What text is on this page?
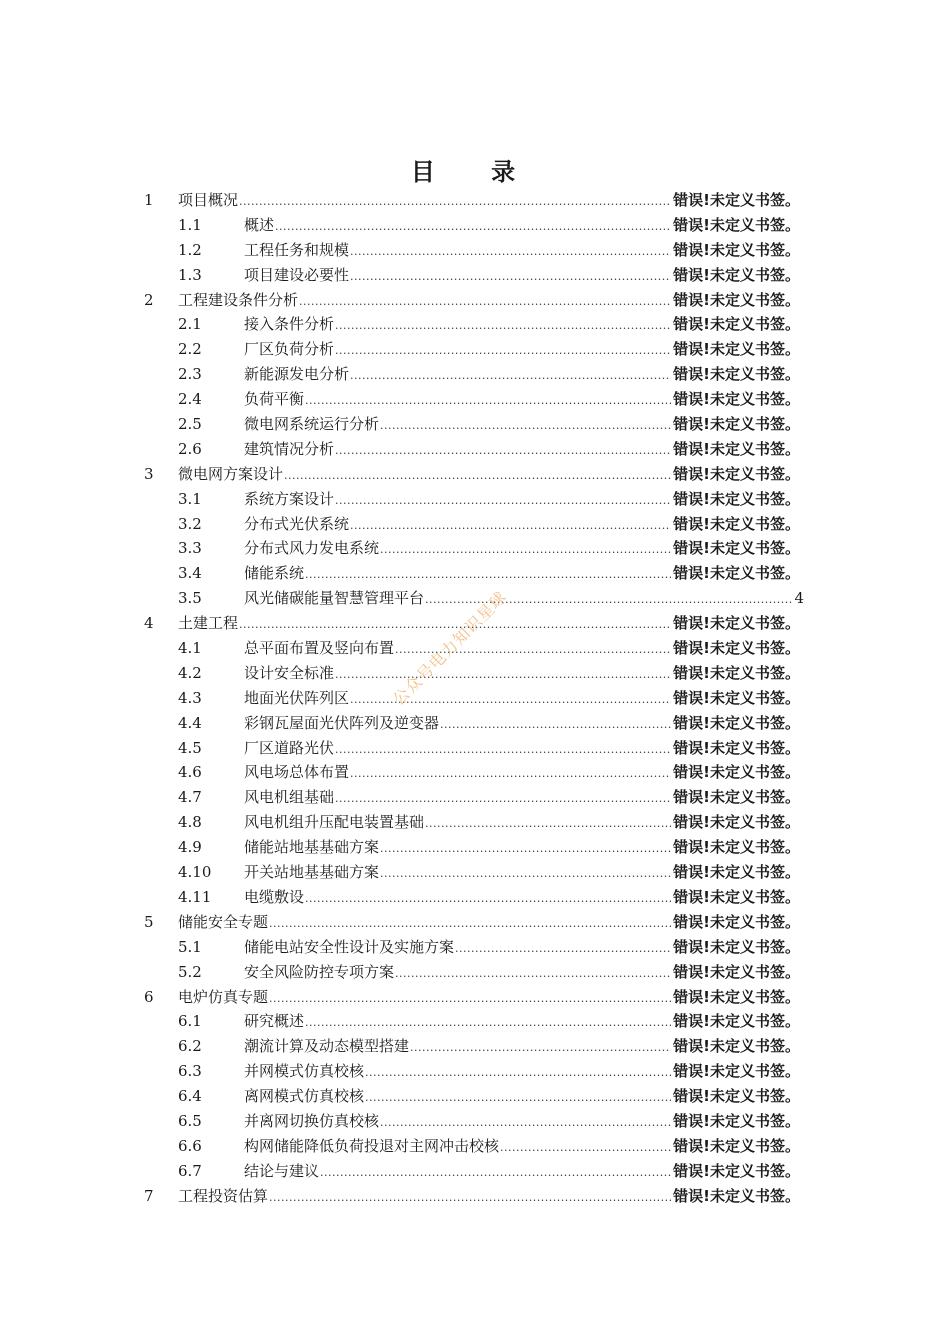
目 录
1 项目概况 .....	错误!未定义书签。
1.1	概述 .....	错误!未定义书签。
1.2	工程任务和规模 .....	错误!未定义书签。
1.3	项目建设必要性 .....	错误!未定义书签。
2 工程建设条件分析 .....	错误!未定义书签。
2.1	接入条件分析 .....	错误!未定义书签。
2.2	厂区负荷分析 .....	错误!未定义书签。
2.3	新能源发电分析 .....	错误!未定义书签。
2.4	负荷平衡 .....	错误!未定义书签。
2.5	微电网系统运行分析 .....	错误!未定义书签。
2.6	建筑情况分析 .....	错误!未定义书签。
3 微电网方案设计 .....	错误!未定义书签。
3.1	系统方案设计 .....	错误!未定义书签。
3.2	分布式光伏系统 .....	错误!未定义书签。
3.3	分布式风力发电系统 .....	错误!未定义书签。
3.4	储能系统 .....	错误!未定义书签。
3.5	风光储碳能量智慧管理平台 .....	4
4 土建工程 .....	错误!未定义书签。
4.1	总平面布置及竖向布置 .....	错误!未定义书签。
4.2	设计安全标准 .....	错误!未定义书签。
4.3	地面光伏阵列区 .....	错误!未定义书签。
4.4	彩钢瓦屋面光伏阵列及逆变器 .....	错误!未定义书签。
4.5	厂区道路光伏 .....	错误!未定义书签。
4.6	风电场总体布置 .....	错误!未定义书签。
4.7	风电机组基础 .....	错误!未定义书签。
4.8	风电机组升压配电装置基础 .....	错误!未定义书签。
4.9	储能站地基基础方案 .....	错误!未定义书签。
4.10 开关站地基基础方案 .....	错误!未定义书签。
4.11 电缆敷设 .....	错误!未定义书签。
5 储能安全专题 .....	错误!未定义书签。
5.1	储能电站安全性设计及实施方案 .....	错误!未定义书签。
5.2	安全风险防控专项方案 .....	错误!未定义书签。
6 电炉仿真专题 .....	错误!未定义书签。
6.1	研究概述 .....	错误!未定义书签。
6.2	潮流计算及动态模型搭建 .....	错误!未定义书签。
6.3	并网模式仿真校核 .....	错误!未定义书签。
6.4	离网模式仿真校核 .....	错误!未定义书签。
6.5	并离网切换仿真校核 .....	错误!未定义书签。
6.6	构网储能降低负荷投退对主网冲击校核 .....	错误!未定义书签。
6.7	结论与建议 .....	错误!未定义书签。
7 工程投资估算 .....	错误!未定义书签。
公众号电力知识星球
